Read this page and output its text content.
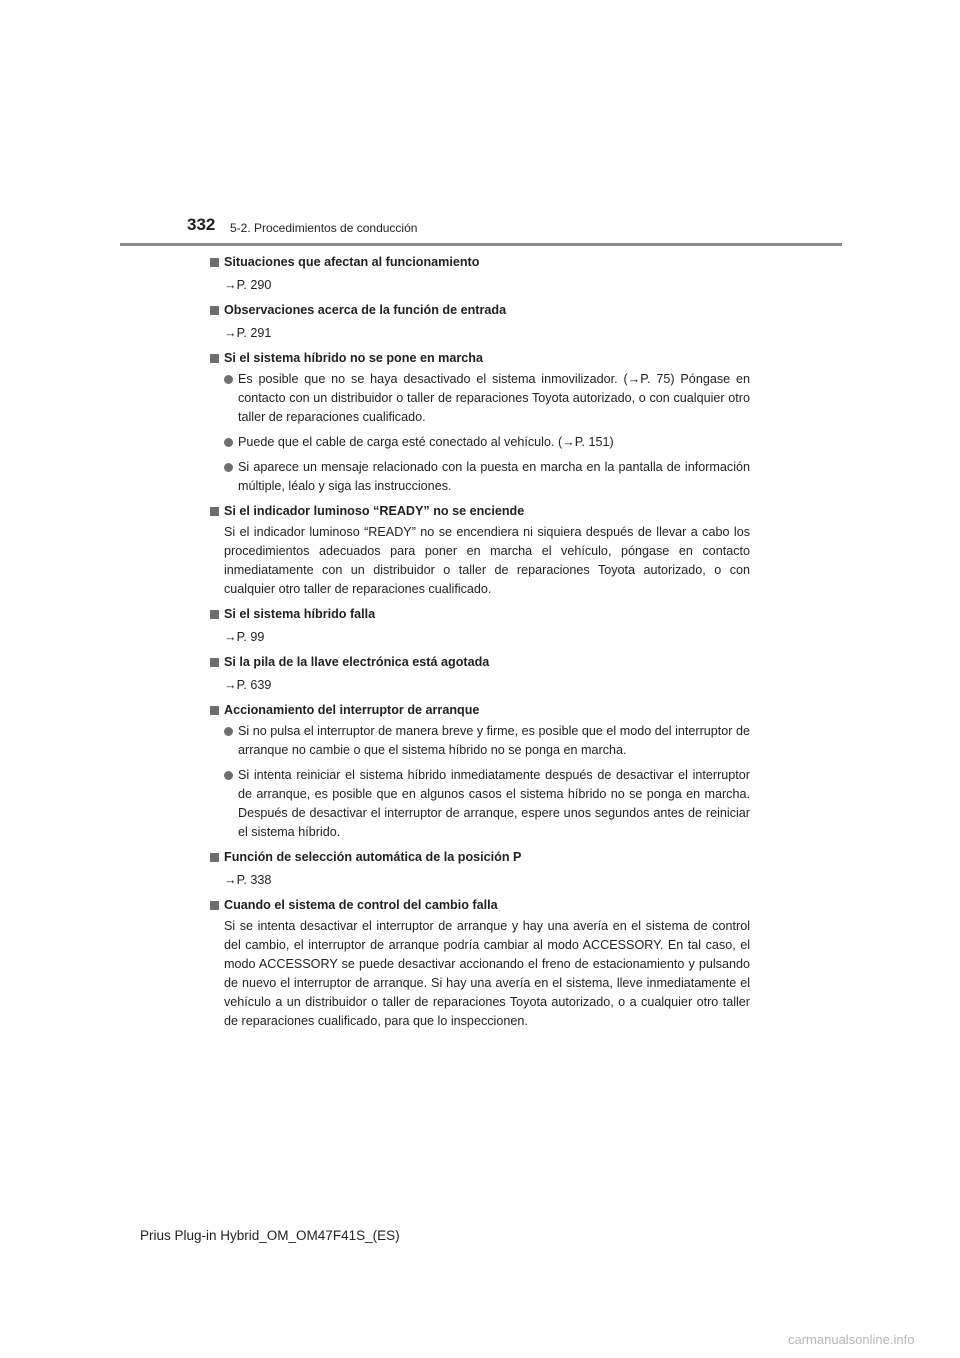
332 5-2. Procedimientos de conducción
Situaciones que afectan al funcionamiento
→P. 290
Observaciones acerca de la función de entrada
→P. 291
Si el sistema híbrido no se pone en marcha
Es posible que no se haya desactivado el sistema inmovilizador. (→P. 75) Póngase en contacto con un distribuidor o taller de reparaciones Toyota autorizado, o con cualquier otro taller de reparaciones cualificado.
Puede que el cable de carga esté conectado al vehículo. (→P. 151)
Si aparece un mensaje relacionado con la puesta en marcha en la pantalla de información múltiple, léalo y siga las instrucciones.
Si el indicador luminoso “READY” no se enciende
Si el indicador luminoso “READY” no se encendiera ni siquiera después de llevar a cabo los procedimientos adecuados para poner en marcha el vehículo, póngase en contacto inmediatamente con un distribuidor o taller de reparaciones Toyota autorizado, o con cualquier otro taller de reparaciones cualificado.
Si el sistema híbrido falla
→P. 99
Si la pila de la llave electrónica está agotada
→P. 639
Accionamiento del interruptor de arranque
Si no pulsa el interruptor de manera breve y firme, es posible que el modo del interruptor de arranque no cambie o que el sistema híbrido no se ponga en marcha.
Si intenta reiniciar el sistema híbrido inmediatamente después de desactivar el interruptor de arranque, es posible que en algunos casos el sistema híbrido no se ponga en marcha. Después de desactivar el interruptor de arranque, espere unos segundos antes de reiniciar el sistema híbrido.
Función de selección automática de la posición P
→P. 338
Cuando el sistema de control del cambio falla
Si se intenta desactivar el interruptor de arranque y hay una avería en el sistema de control del cambio, el interruptor de arranque podría cambiar al modo ACCESSORY. En tal caso, el modo ACCESSORY se puede desactivar accionando el freno de estacionamiento y pulsando de nuevo el interruptor de arranque. Si hay una avería en el sistema, lleve inmediatamente el vehículo a un distribuidor o taller de reparaciones Toyota autorizado, o a cualquier otro taller de reparaciones cualificado, para que lo inspeccionen.
Prius Plug-in Hybrid_OM_OM47F41S_(ES)
carmanualsonline.info
